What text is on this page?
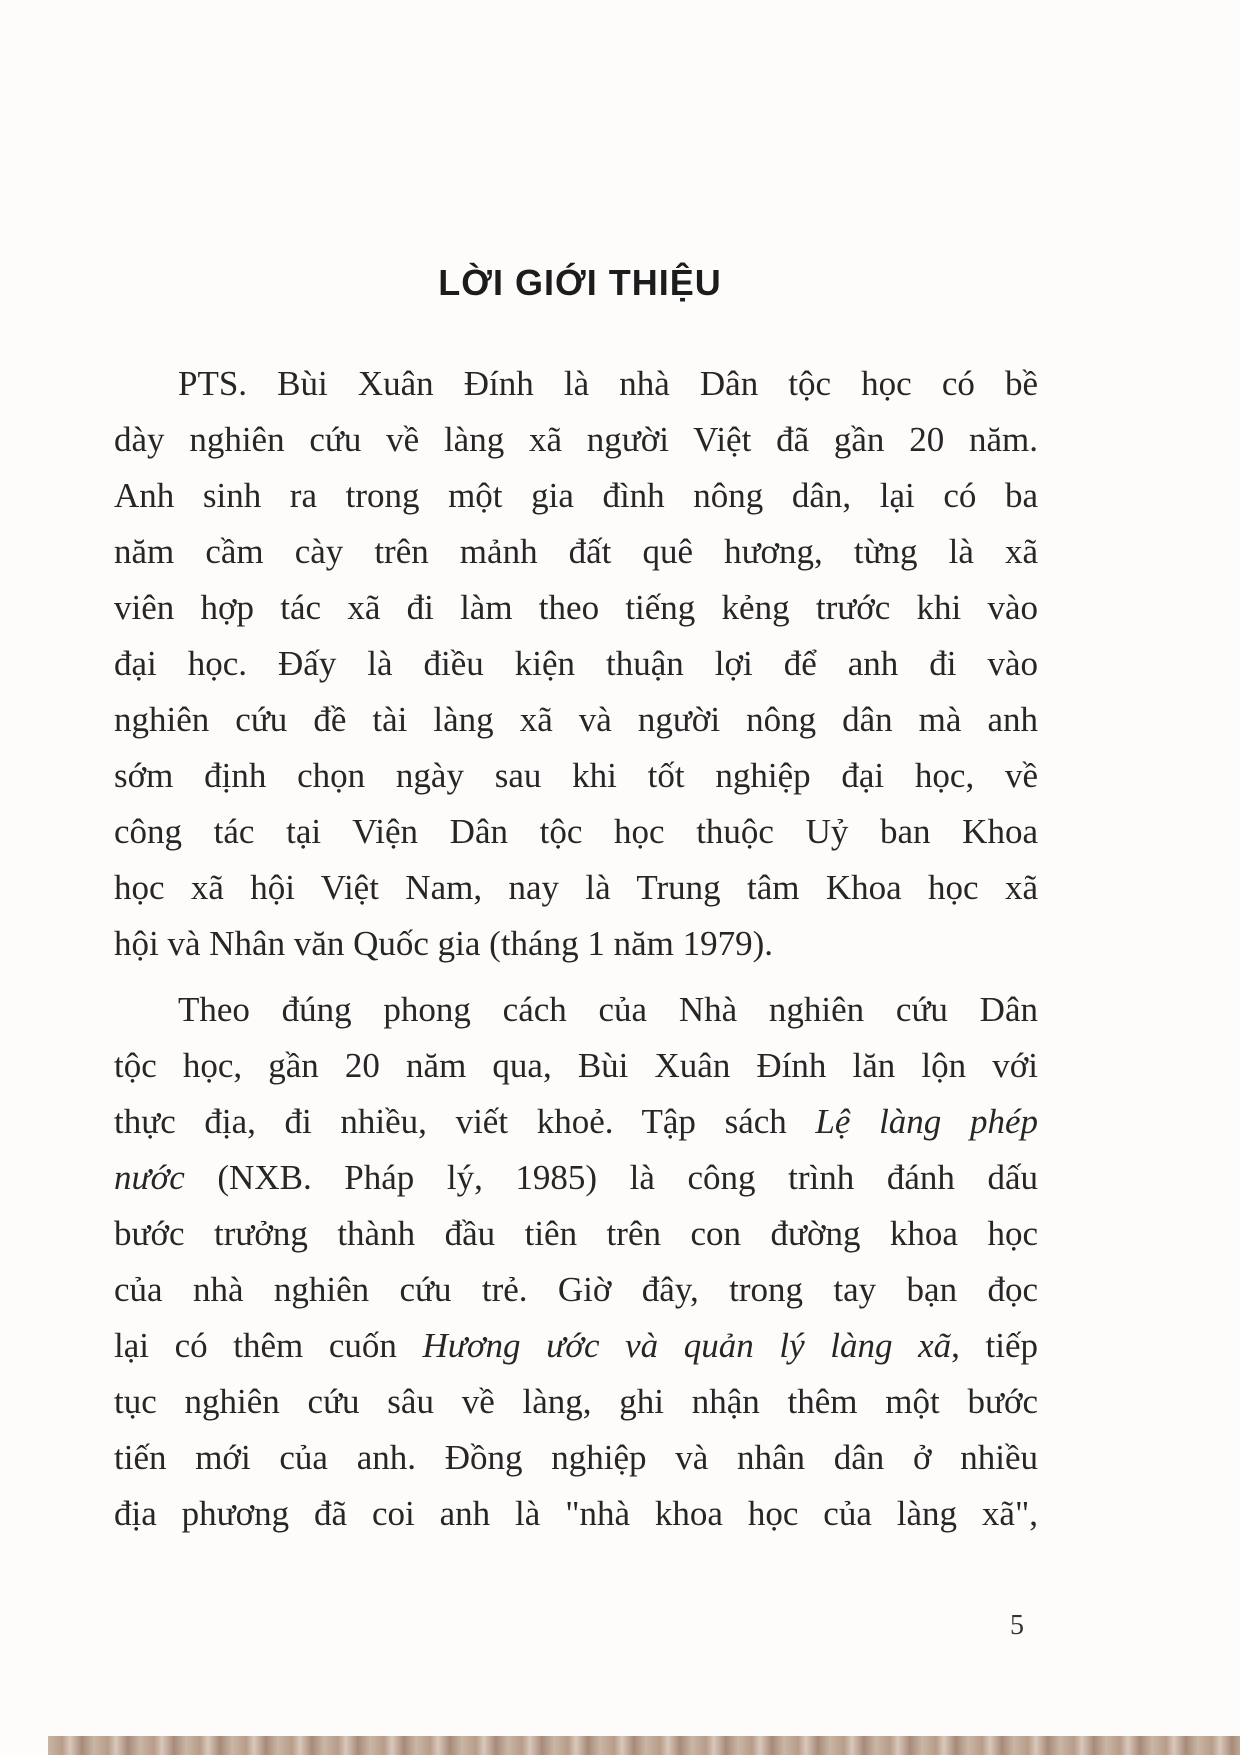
LỜI GIỚI THIỆU
PTS. Bùi Xuân Đính là nhà Dân tộc học có bề
dày nghiên cứu về làng xã người Việt đã gần 20 năm.
Anh sinh ra trong một gia đình nông dân, lại có ba
năm cầm cày trên mảnh đất quê hương, từng là xã
viên hợp tác xã đi làm theo tiếng kẻng trước khi vào
đại học. Đấy là điều kiện thuận lợi để anh đi vào
nghiên cứu đề tài làng xã và người nông dân mà anh
sớm định chọn ngày sau khi tốt nghiệp đại học, về
công tác tại Viện Dân tộc học thuộc Uỷ ban Khoa
học xã hội Việt Nam, nay là Trung tâm Khoa học xã
hội và Nhân văn Quốc gia (tháng 1 năm 1979).
Theo đúng phong cách của Nhà nghiên cứu Dân
tộc học, gần 20 năm qua, Bùi Xuân Đính lăn lộn với
thực địa, đi nhiều, viết khoẻ. Tập sách Lệ làng phép
nước (NXB. Pháp lý, 1985) là công trình đánh dấu
bước trưởng thành đầu tiên trên con đường khoa học
của nhà nghiên cứu trẻ. Giờ đây, trong tay bạn đọc
lại có thêm cuốn Hương ước và quản lý làng xã, tiếp
tục nghiên cứu sâu về làng, ghi nhận thêm một bước
tiến mới của anh. Đồng nghiệp và nhân dân ở nhiều
địa phương đã coi anh là "nhà khoa học của làng xã",
5
